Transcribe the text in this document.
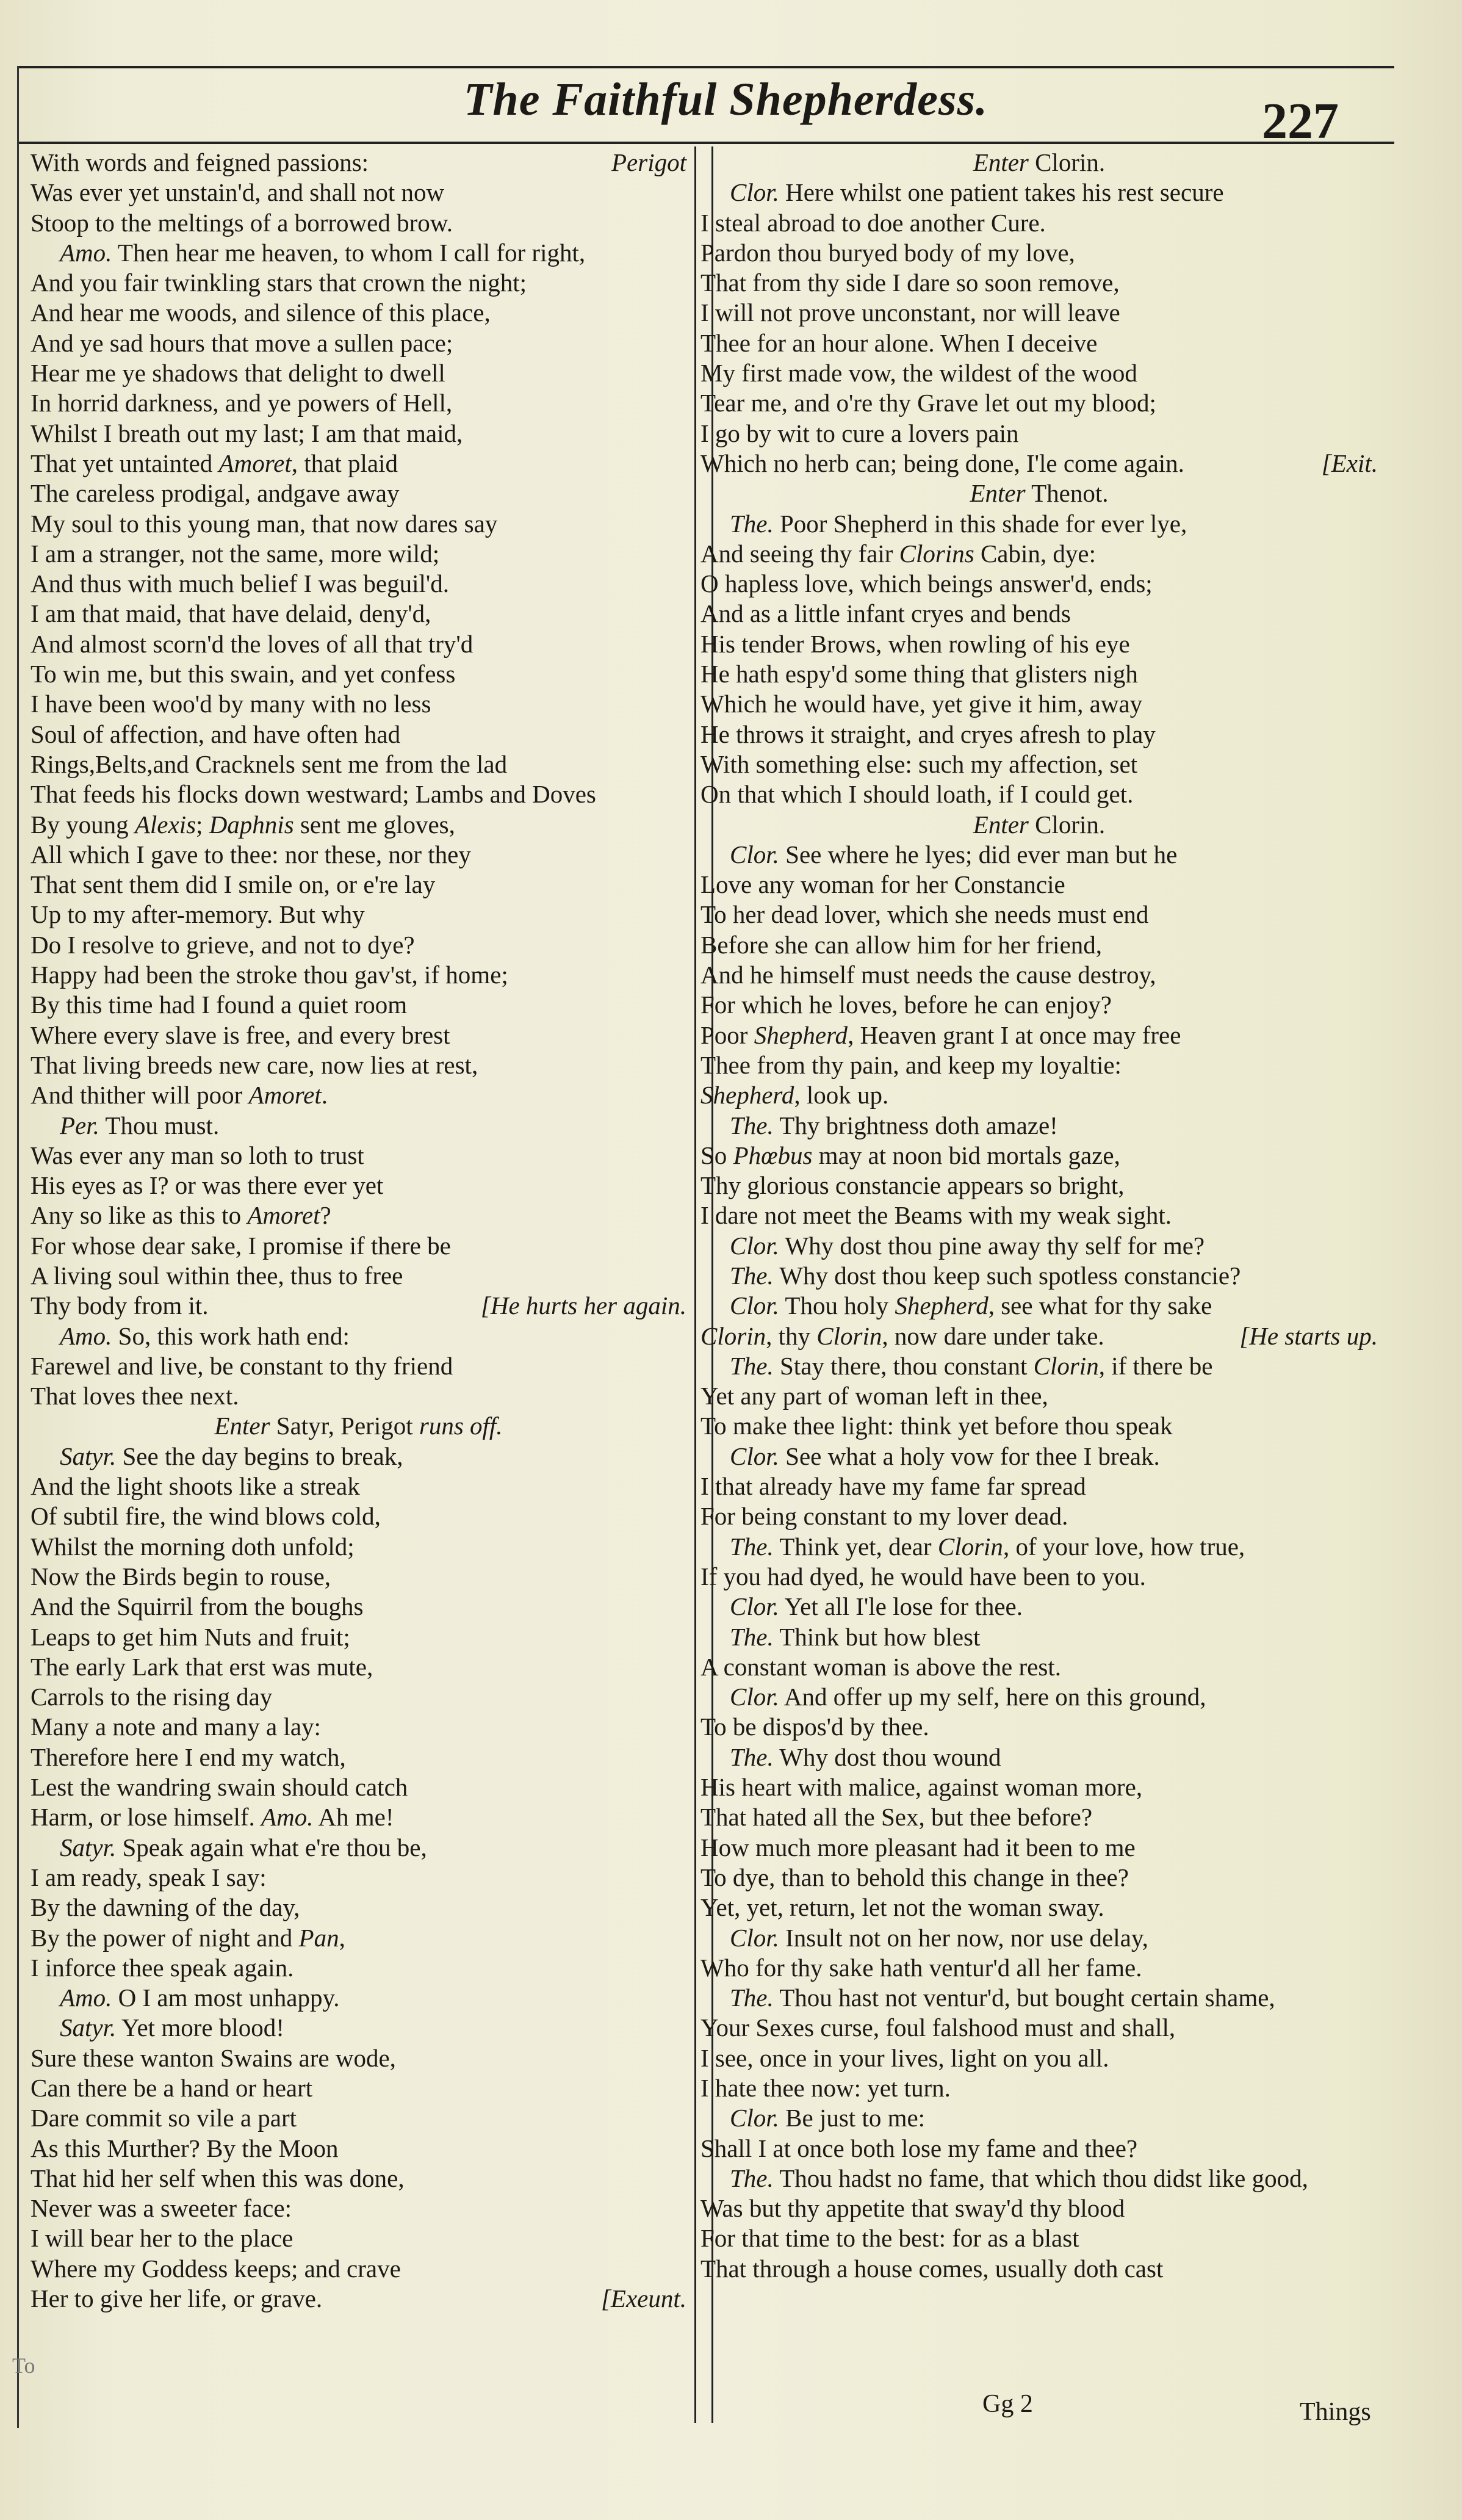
The Faithful Shepherdess.	227
With words and feigned passions:	Perigot
Was ever yet unstain'd, and shall not now
Stoop to the meltings of a borrowed brow.
Amo. Then hear me heaven, to whom I call for right,
And you fair twinkling stars that crown the night;
And hear me woods, and silence of this place,
And ye sad hours that move a sullen pace;
Hear me ye shadows that delight to dwell
In horrid darkness, and ye powers of Hell,
Whilst I breath out my last; I am that maid,
That yet untainted Amoret, that plaid
The careless prodigal, andgave away
My soul to this young man, that now dares say
I am a stranger, not the same, more wild;
And thus with much belief I was beguil'd.
I am that maid, that have delaid, deny'd,
And almost scorn'd the loves of all that try'd
To win me, but this swain, and yet confess
I have been woo'd by many with no less
Soul of affection, and have often had
Rings,Belts,and Cracknels sent me from the lad
That feeds his flocks down westward; Lambs and Doves
By young Alexis; Daphnis sent me gloves,
All which I gave to thee: nor these, nor they
That sent them did I smile on, or e're lay
Up to my after-memory. But why
Do I resolve to grieve, and not to dye?
Happy had been the stroke thou gav'st, if home;
By this time had I found a quiet room
Where every slave is free, and every brest
That living breeds new care, now lies at rest,
And thither will poor Amoret.
Per. Thou must.
Was ever any man so loth to trust
His eyes as I? or was there ever yet
Any so like as this to Amoret?
For whose dear sake, I promise if there be
A living soul within thee, thus to free
Thy body from it.	[He hurts her again.
Amo. So, this work hath end:
Farewel and live, be constant to thy friend
That loves thee next.
Enter Satyr, Perigot runs off.
Satyr. See the day begins to break,
And the light shoots like a streak
Of subtil fire, the wind blows cold,
Whilst the morning doth unfold;
Now the Birds begin to rouse,
And the Squirril from the boughs
Leaps to get him Nuts and fruit;
The early Lark that erst was mute,
Carrols to the rising day
Many a note and many a lay:
Therefore here I end my watch,
Lest the wandring swain should catch
Harm, or lose himself. Amo. Ah me!
Satyr. Speak again what e're thou be,
I am ready, speak I say:
By the dawning of the day,
By the power of night and Pan,
I inforce thee speak again.
Amo. O I am most unhappy.
Satyr. Yet more blood!
Sure these wanton Swains are wode,
Can there be a hand or heart
Dare commit so vile a part
As this Murther? By the Moon
That hid her self when this was done,
Never was a sweeter face:
I will bear her to the place
Where my Goddess keeps; and crave
Her to give her life, or grave.	[Exeunt.
Enter Clorin.
Clor. Here whilst one patient takes his rest secure
I steal abroad to doe another Cure.
Pardon thou buryed body of my love,
That from thy side I dare so soon remove,
I will not prove unconstant, nor will leave
Thee for an hour alone. When I deceive
My first made vow, the wildest of the wood
Tear me, and o're thy Grave let out my blood;
I go by wit to cure a lovers pain
Which no herb can; being done, I'le come again.	[Exit.
Enter Thenot.
The. Poor Shepherd in this shade for ever lye,
And seeing thy fair Clorins Cabin, dye:
O hapless love, which beings answer'd, ends;
And as a little infant cryes and bends
His tender Brows, when rowling of his eye
He hath espy'd some thing that glisters nigh
Which he would have, yet give it him, away
He throws it straight, and cryes afresh to play
With something else: such my affection, set
On that which I should loath, if I could get.
Enter Clorin.
Clor. See where he lyes; did ever man but he
Love any woman for her Constancie
To her dead lover, which she needs must end
Before she can allow him for her friend,
And he himself must needs the cause destroy,
For which he loves, before he can enjoy?
Poor Shepherd, Heaven grant I at once may free
Thee from thy pain, and keep my loyaltie:
Shepherd, look up.
The. Thy brightness doth amaze!
So Phœbus may at noon bid mortals gaze,
Thy glorious constancie appears so bright,
I dare not meet the Beams with my weak sight.
Clor. Why dost thou pine away thy self for me?
The. Why dost thou keep such spotless constancie?
Clor. Thou holy Shepherd, see what for thy sake
Clorin, thy Clorin, now dare under take.	[He starts up.
The. Stay there, thou constant Clorin, if there be
Yet any part of woman left in thee,
To make thee light: think yet before thou speak
Clor. See what a holy vow for thee I break.
I that already have my fame far spread
For being constant to my lover dead.
The. Think yet, dear Clorin, of your love, how true,
If you had dyed, he would have been to you.
Clor. Yet all I'le lose for thee.
The. Think but how blest
A constant woman is above the rest.
Clor. And offer up my self, here on this ground,
To be dispos'd by thee.
The. Why dost thou wound
His heart with malice, against woman more,
That hated all the Sex, but thee before?
How much more pleasant had it been to me
To dye, than to behold this change in thee?
Yet, yet, return, let not the woman sway.
Clor. Insult not on her now, nor use delay,
Who for thy sake hath ventur'd all her fame.
The. Thou hast not ventur'd, but bought certain shame,
Your Sexes curse, foul falshood must and shall,
I see, once in your lives, light on you all.
I hate thee now: yet turn.
Clor. Be just to me:
Shall I at once both lose my fame and thee?
The. Thou hadst no fame, that which thou didst like good,
Was but thy appetite that sway'd thy blood
For that time to the best: for as a blast
That through a house comes, usually doth cast
To
Gg 2	Things
